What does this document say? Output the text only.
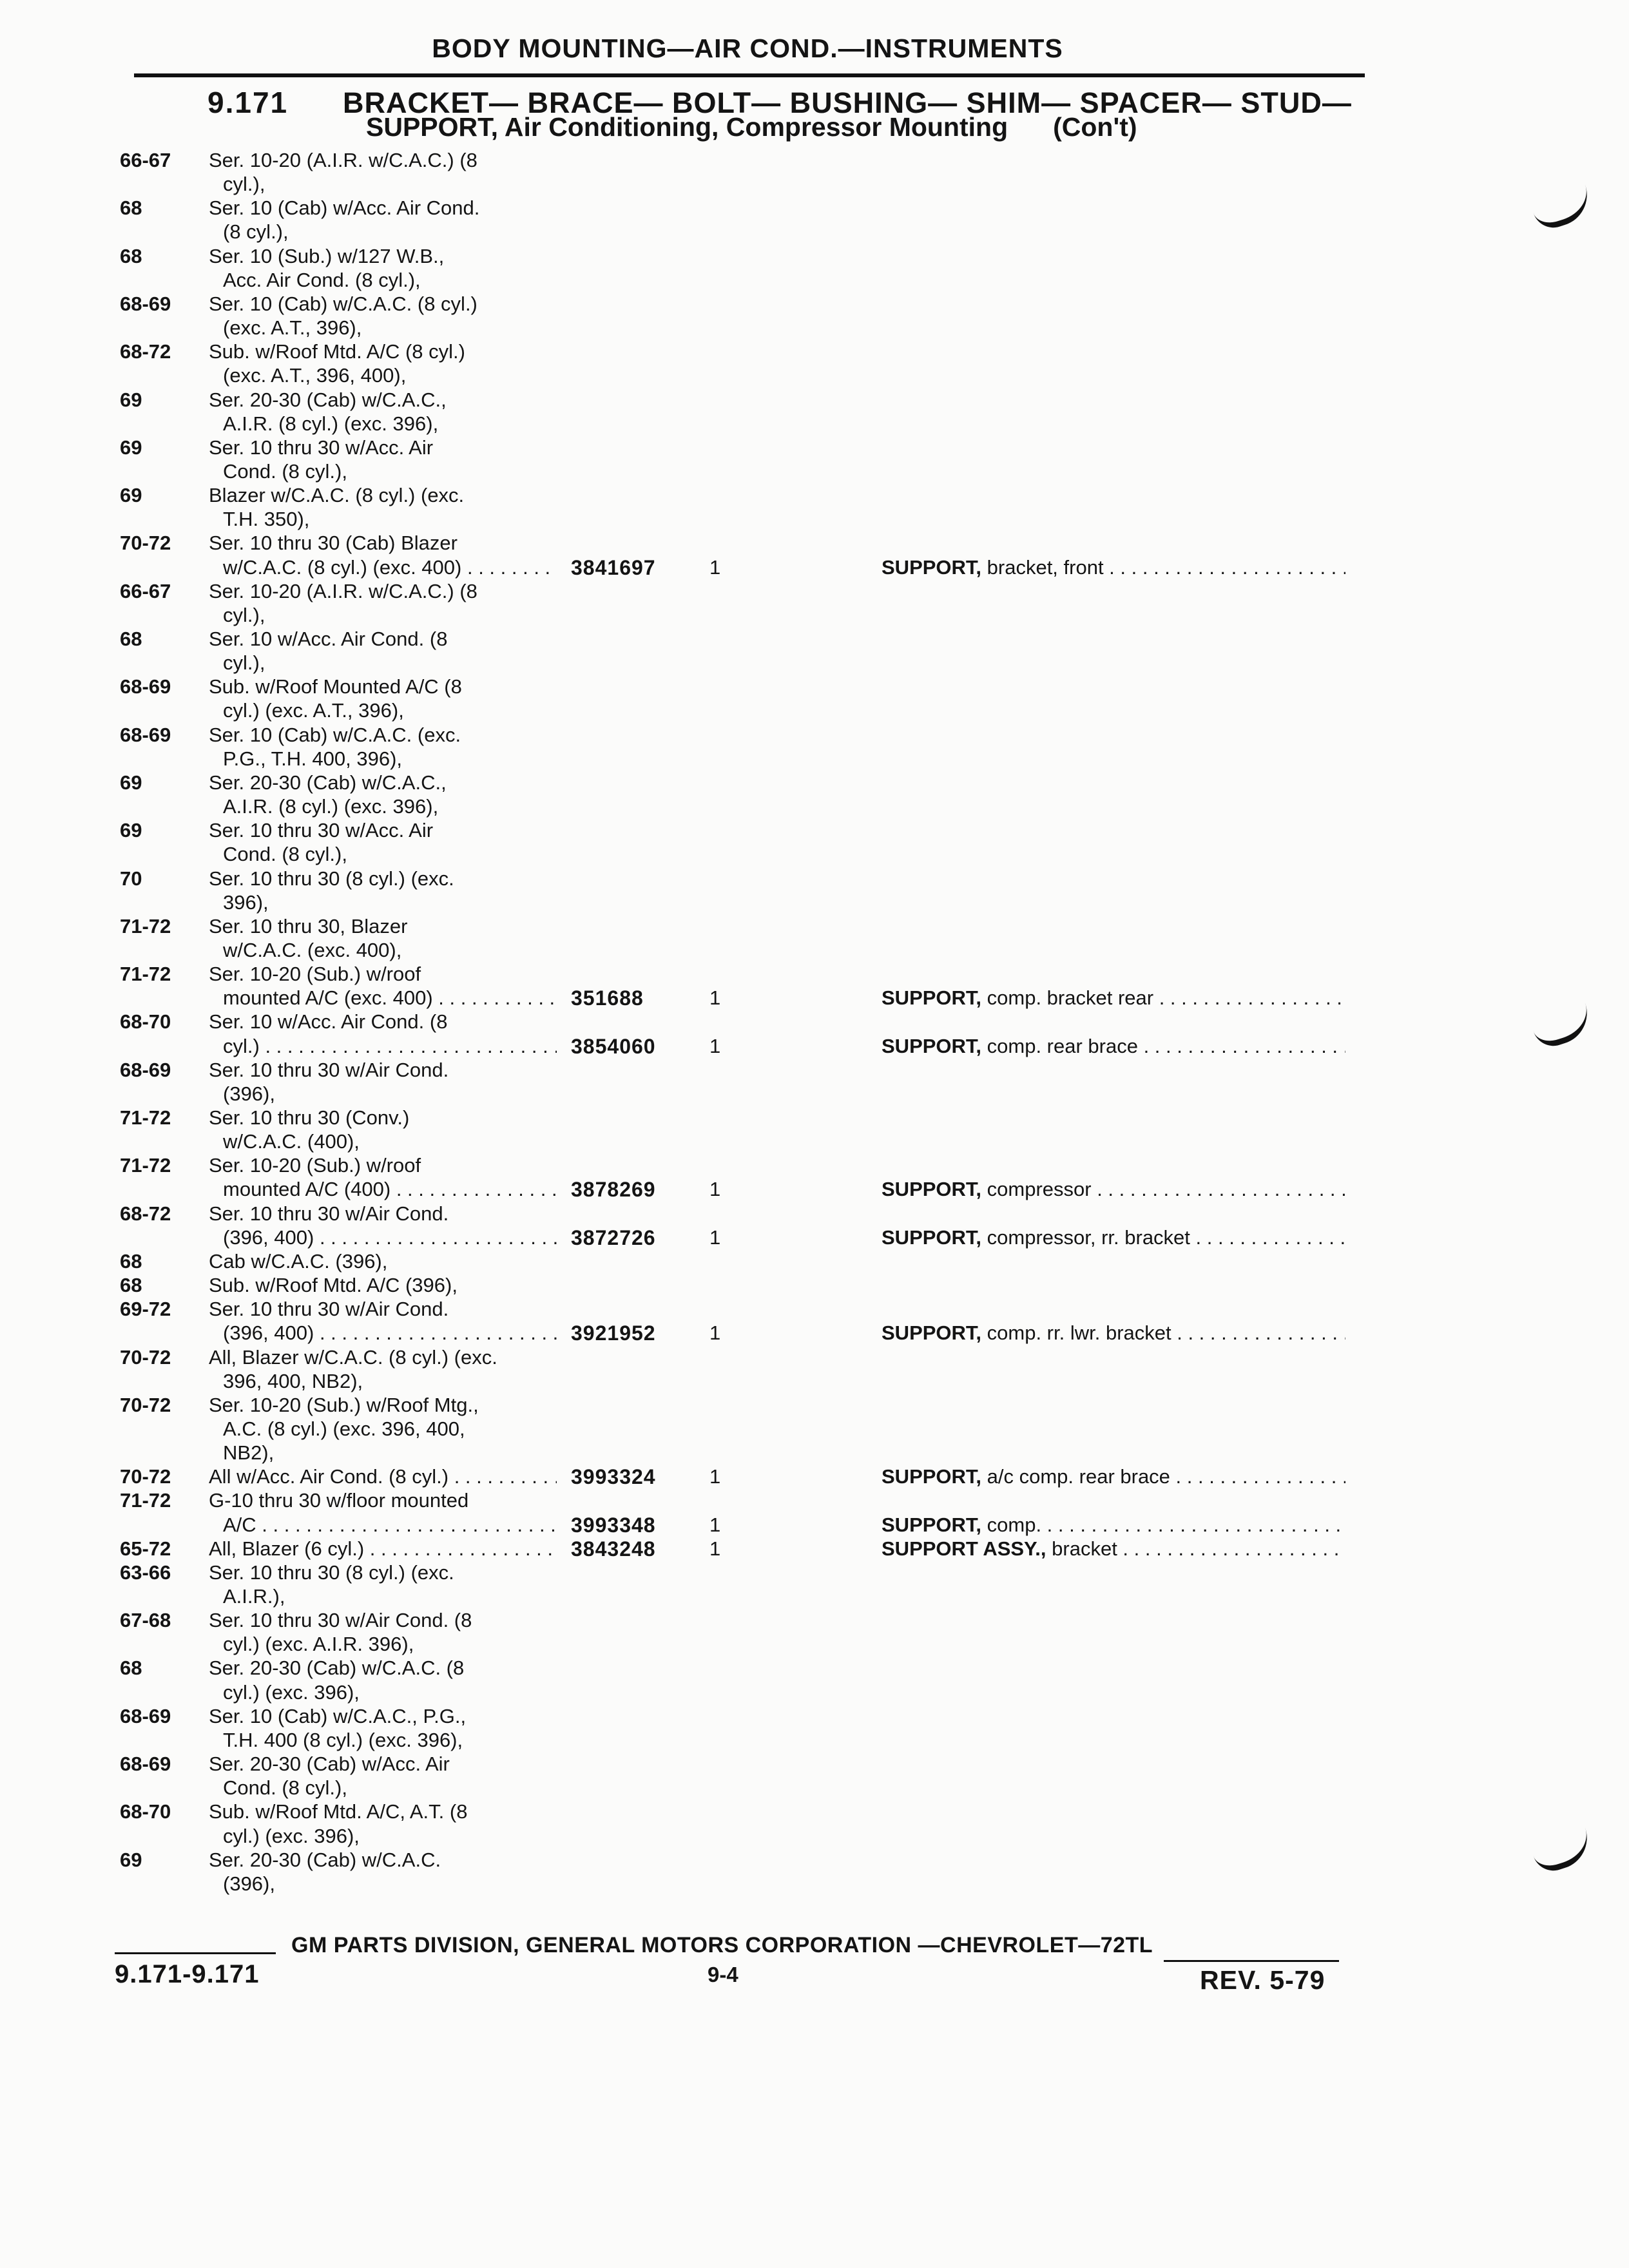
BODY MOUNTING—AIR COND.—INSTRUMENTS
9.171 BRACKET— BRACE— BOLT— BUSHING— SHIM— SPACER— STUD—
SUPPORT, Air Conditioning, Compressor Mounting (Con't)
66-67	Ser. 10-20 (A.I.R. w/C.A.C.) (8
cyl.),
68	Ser. 10 (Cab) w/Acc. Air Cond.
(8 cyl.),
68	Ser. 10 (Sub.) w/127 W.B.,
Acc. Air Cond. (8 cyl.),
68-69	Ser. 10 (Cab) w/C.A.C. (8 cyl.)
(exc. A.T., 396),
68-72	Sub. w/Roof Mtd. A/C (8 cyl.)
(exc. A.T., 396, 400),
69	Ser. 20-30 (Cab) w/C.A.C.,
A.I.R. (8 cyl.) (exc. 396),
69	Ser. 10 thru 30 w/Acc. Air
Cond. (8 cyl.),
69	Blazer w/C.A.C. (8 cyl.) (exc.
T.H. 350),
70-72	Ser. 10 thru 30 (Cab) Blazer
w/C.A.C. (8 cyl.) (exc. 400) . . .	3841697	1	SUPPORT, bracket, front . . .
66-67	Ser. 10-20 (A.I.R. w/C.A.C.) (8
cyl.),
68	Ser. 10 w/Acc. Air Cond. (8
cyl.),
68-69	Sub. w/Roof Mounted A/C (8
cyl.) (exc. A.T., 396),
68-69	Ser. 10 (Cab) w/C.A.C. (exc.
P.G., T.H. 400, 396),
69	Ser. 20-30 (Cab) w/C.A.C.,
A.I.R. (8 cyl.) (exc. 396),
69	Ser. 10 thru 30 w/Acc. Air
Cond. (8 cyl.),
70	Ser. 10 thru 30 (8 cyl.) (exc.
396),
71-72	Ser. 10 thru 30, Blazer
w/C.A.C. (exc. 400),
71-72	Ser. 10-20 (Sub.) w/roof
mounted A/C (exc. 400) . . .	351688	1	SUPPORT, comp. bracket rear . . .
68-70	Ser. 10 w/Acc. Air Cond. (8
cyl.) . . .	3854060	1	SUPPORT, comp. rear brace . . .
68-69	Ser. 10 thru 30 w/Air Cond.
(396),
71-72	Ser. 10 thru 30 (Conv.)
w/C.A.C. (400),
71-72	Ser. 10-20 (Sub.) w/roof
mounted A/C (400) . . .	3878269	1	SUPPORT, compressor . . .
68-72	Ser. 10 thru 30 w/Air Cond.
(396, 400) . . .	3872726	1	SUPPORT, compressor, rr. bracket . . .
68	Cab w/C.A.C. (396),
68	Sub. w/Roof Mtd. A/C (396),
69-72	Ser. 10 thru 30 w/Air Cond.
(396, 400) . . .	3921952	1	SUPPORT, comp. rr. lwr. bracket . . .
70-72	All, Blazer w/C.A.C. (8 cyl.) (exc.
396, 400, NB2),
70-72	Ser. 10-20 (Sub.) w/Roof Mtg.,
A.C. (8 cyl.) (exc. 396, 400,
NB2),
70-72	All w/Acc. Air Cond. (8 cyl.) . . .	3993324	1	SUPPORT, a/c comp. rear brace . . .
71-72	G-10 thru 30 w/floor mounted
A/C . . .	3993348	1	SUPPORT, comp. . . .
65-72	All, Blazer (6 cyl.) . . .	3843248	1	SUPPORT ASSY., bracket . . .
63-66	Ser. 10 thru 30 (8 cyl.) (exc.
A.I.R.),
67-68	Ser. 10 thru 30 w/Air Cond. (8
cyl.) (exc. A.I.R. 396),
68	Ser. 20-30 (Cab) w/C.A.C. (8
cyl.) (exc. 396),
68-69	Ser. 10 (Cab) w/C.A.C., P.G.,
T.H. 400 (8 cyl.) (exc. 396),
68-69	Ser. 20-30 (Cab) w/Acc. Air
Cond. (8 cyl.),
68-70	Sub. w/Roof Mtd. A/C, A.T. (8
cyl.) (exc. 396),
69	Ser. 20-30 (Cab) w/C.A.C.
(396),
GM PARTS DIVISION, GENERAL MOTORS CORPORATION —CHEVROLET—72TL
9.171-9.171	9-4	REV. 5-79
